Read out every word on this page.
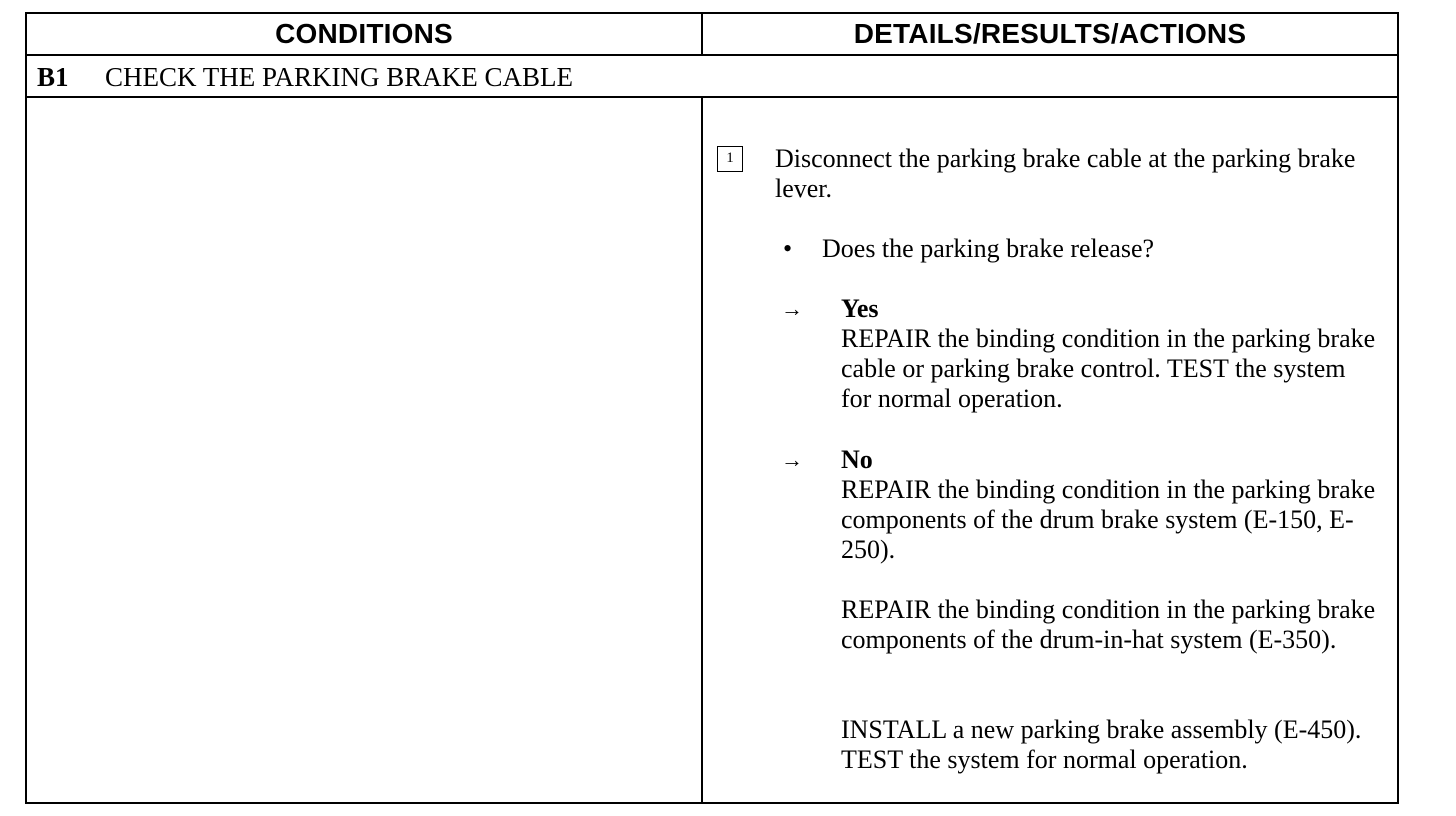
CONDITIONS	DETAILS/RESULTS/ACTIONS
B1 CHECK THE PARKING BRAKE CABLE
1	Disconnect the parking brake cable at the parking brake lever.
• Does the parking brake release?
→ Yes
REPAIR the binding condition in the parking brake cable or parking brake control. TEST the system for normal operation.
→ No
REPAIR the binding condition in the parking brake components of the drum brake system (E-150, E-250).
REPAIR the binding condition in the parking brake components of the drum-in-hat system (E-350).
INSTALL a new parking brake assembly (E-450). TEST the system for normal operation.
